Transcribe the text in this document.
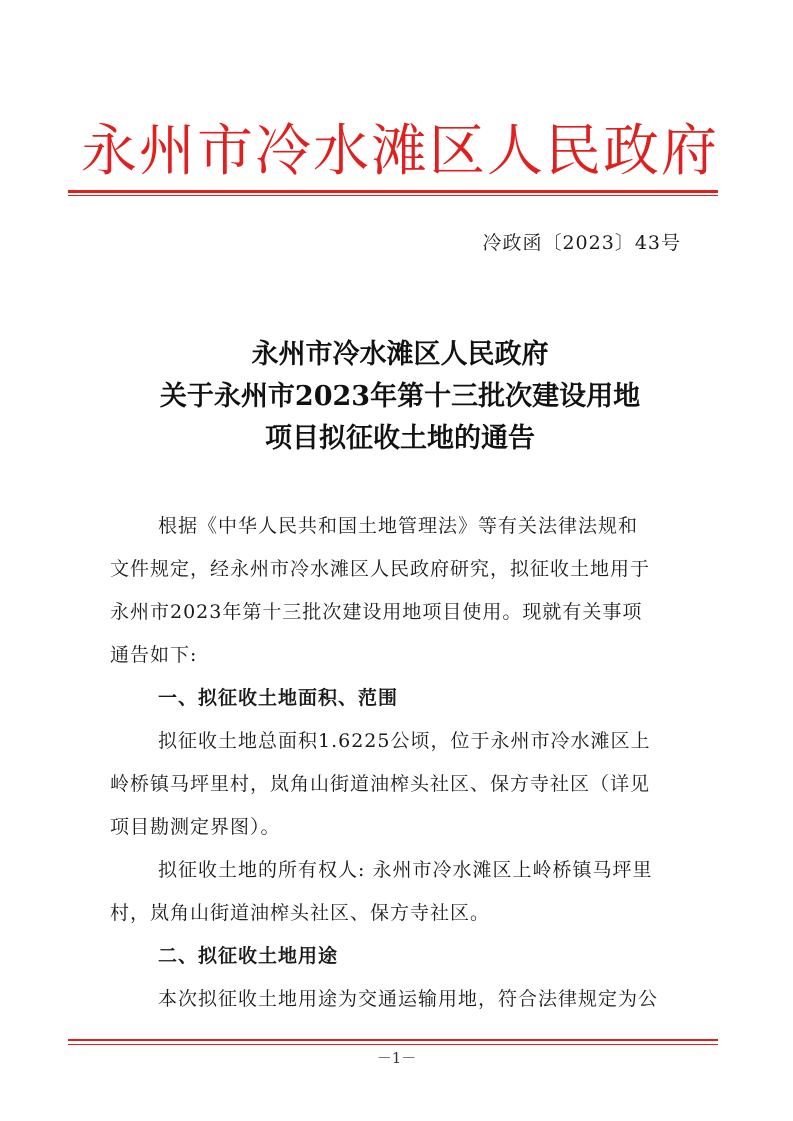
永州市冷水滩区人民政府
冷政函〔2023〕43号
永州市冷水滩区人民政府
关于永州市2023年第十三批次建设用地
项目拟征收土地的通告
根据《中华人民共和国土地管理法》等有关法律法规和
文件规定，经永州市冷水滩区人民政府研究，拟征收土地用于
永州市2023年第十三批次建设用地项目使用。现就有关事项
通告如下:
一、拟征收土地面积、范围
拟征收土地总面积1.6225公顷，位于永州市冷水滩区上
岭桥镇马坪里村，岚角山街道油榨头社区、保方寺社区（详见
项目勘测定界图）。
拟征收土地的所有权人: 永州市冷水滩区上岭桥镇马坪里
村，岚角山街道油榨头社区、保方寺社区。
二、拟征收土地用途
本次拟征收土地用途为交通运输用地，符合法律规定为公
－1－
